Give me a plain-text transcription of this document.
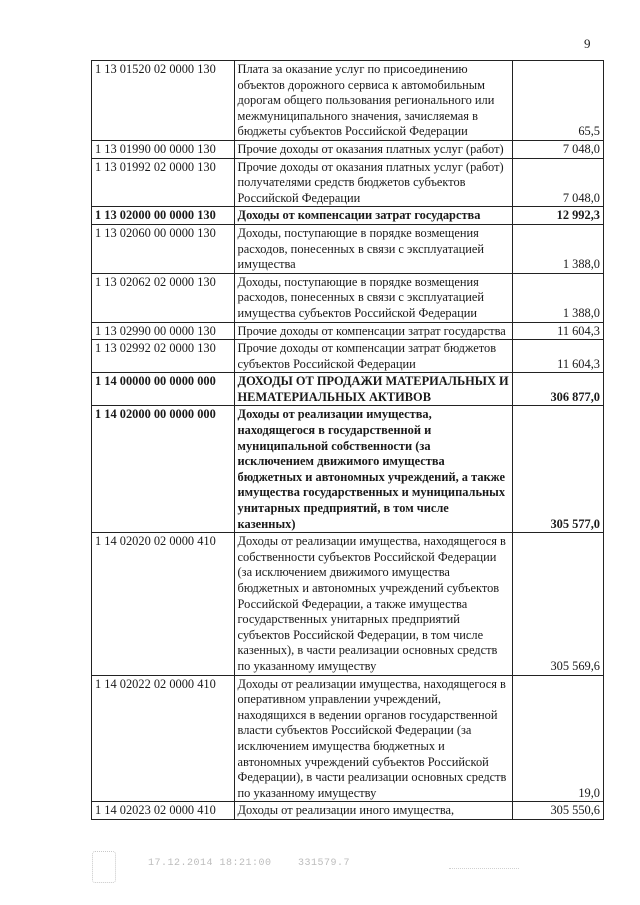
9
1 13 01520 02 0000 130	Плата за оказание услуг по присоединению объектов дорожного сервиса к автомобильным дорогам общего пользования регионального или межмуниципального значения, зачисляемая в бюджеты субъектов Российской Федерации	65,5
1 13 01990 00 0000 130	Прочие доходы от оказания платных услуг (работ)	7 048,0
1 13 01992 02 0000 130	Прочие доходы от оказания платных услуг (работ) получателями средств бюджетов субъектов Российской Федерации	7 048,0
1 13 02000 00 0000 130	Доходы от компенсации затрат государства	12 992,3
1 13 02060 00 0000 130	Доходы, поступающие в порядке возмещения расходов, понесенных в связи с эксплуатацией имущества	1 388,0
1 13 02062 02 0000 130	Доходы, поступающие в порядке возмещения расходов, понесенных в связи с эксплуатацией имущества субъектов Российской Федерации	1 388,0
1 13 02990 00 0000 130	Прочие доходы от компенсации затрат государства	11 604,3
1 13 02992 02 0000 130	Прочие доходы от компенсации затрат бюджетов субъектов Российской Федерации	11 604,3
1 14 00000 00 0000 000	ДОХОДЫ ОТ ПРОДАЖИ МАТЕРИАЛЬНЫХ И НЕМАТЕРИАЛЬНЫХ АКТИВОВ	306 877,0
1 14 02000 00 0000 000	Доходы от реализации имущества, находящегося в государственной и муниципальной собственности (за исключением движимого имущества бюджетных и автономных учреждений, а также имущества государственных и муниципальных унитарных предприятий, в том числе казенных)	305 577,0
1 14 02020 02 0000 410	Доходы от реализации имущества, находящегося в собственности субъектов Российской Федерации (за исключением движимого имущества бюджетных и автономных учреждений субъектов Российской Федерации, а также имущества государственных унитарных предприятий субъектов Российской Федерации, в том числе казенных), в части реализации основных средств по указанному имуществу	305 569,6
1 14 02022 02 0000 410	Доходы от реализации имущества, находящегося в оперативном управлении учреждений, находящихся в ведении органов государственной власти субъектов Российской Федерации (за исключением имущества бюджетных и автономных учреждений субъектов Российской Федерации), в части реализации основных средств по указанному имуществу	19,0
1 14 02023 02 0000 410	Доходы от реализации иного имущества,	305 550,6
17.12.2014 18:21:00	331579.7
